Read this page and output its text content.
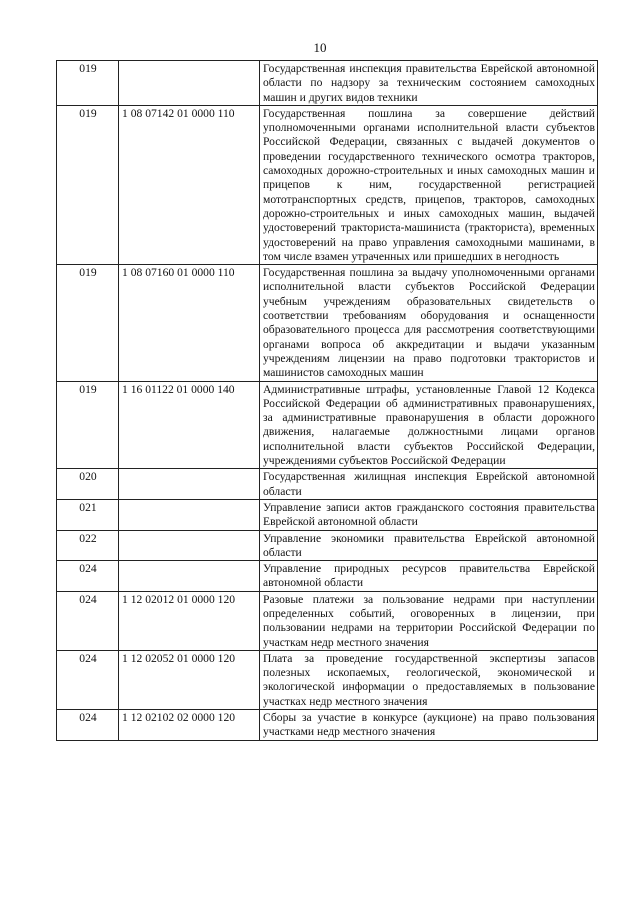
10
019		Государственная инспекция правительства Еврейской автономной области по надзору за техническим состоянием самоходных машин и других видов техники
019	1 08 07142 01 0000 110	Государственная пошлина за совершение действий уполномоченными органами исполнительной власти субъектов Российской Федерации, связанных с выдачей документов о проведении государственного технического осмотра тракторов, самоходных дорожно-строительных и иных самоходных машин и прицепов к ним, государственной регистрацией мототранспортных средств, прицепов, тракторов, самоходных дорожно-строительных и иных самоходных машин, выдачей удостоверений тракториста-машиниста (тракториста), временных удостоверений на право управления самоходными машинами, в том числе взамен утраченных или пришедших в негодность
019	1 08 07160 01 0000 110	Государственная пошлина за выдачу уполномоченными органами исполнительной власти субъектов Российской Федерации учебным учреждениям образовательных свидетельств о соответствии требованиям оборудования и оснащенности образовательного процесса для рассмотрения соответствующими органами вопроса об аккредитации и выдачи указанным учреждениям лицензии на право подготовки трактористов и машинистов самоходных машин
019	1 16 01122 01 0000 140	Административные штрафы, установленные Главой 12 Кодекса Российской Федерации об административных правонарушениях, за административные правонарушения в области дорожного движения, налагаемые должностными лицами органов исполнительной власти субъектов Российской Федерации, учреждениями субъектов Российской Федерации
020		Государственная жилищная инспекция Еврейской автономной области
021		Управление записи актов гражданского состояния правительства Еврейской автономной области
022		Управление экономики правительства Еврейской автономной области
024		Управление природных ресурсов правительства Еврейской автономной области
024	1 12 02012 01 0000 120	Разовые платежи за пользование недрами при наступлении определенных событий, оговоренных в лицензии, при пользовании недрами на территории Российской Федерации по участкам недр местного значения
024	1 12 02052 01 0000 120	Плата за проведение государственной экспертизы запасов полезных ископаемых, геологической, экономической и экологической информации о предоставляемых в пользование участках недр местного значения
024	1 12 02102 02 0000 120	Сборы за участие в конкурсе (аукционе) на право пользования участками недр местного значения
